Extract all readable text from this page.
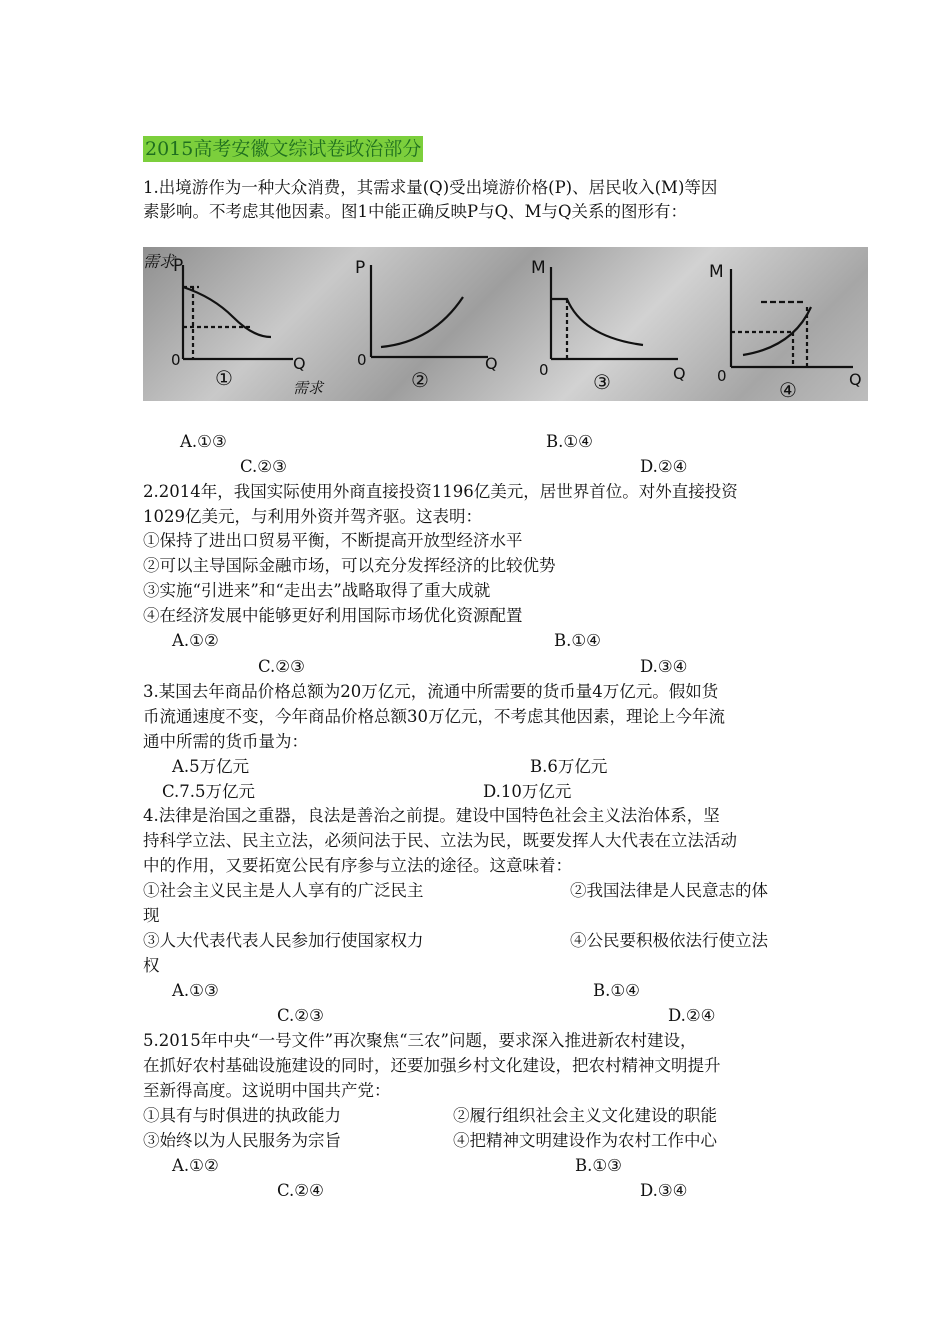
2015高考安徽文综试卷政治部分
1.出境游作为一种大众消费，其需求量(Q)受出境游价格(P)、居民收入(M)等因
素影响。不考虑其他因素。图1中能正确反映P与Q、M与Q关系的图形有：
需求
P
Q
0
①	需求
P
Q
0
②
M
Q
0 ③
M
Q
0
④
A.①③	B.①④
C.②③	D.②④
2.2014年，我国实际使用外商直接投资1196亿美元，居世界首位。对外直接投资
1029亿美元，与利用外资并驾齐驱。这表明：
①保持了进出口贸易平衡，不断提高开放型经济水平
②可以主导国际金融市场，可以充分发挥经济的比较优势
③实施“引进来”和“走出去”战略取得了重大成就
④在经济发展中能够更好利用国际市场优化资源配置
A.①②	B.①④
C.②③	D.③④
3.某国去年商品价格总额为20万亿元，流通中所需要的货币量4万亿元。假如货
币流通速度不变，今年商品价格总额30万亿元，不考虑其他因素，理论上今年流
通中所需的货币量为：
A.5万亿元	B.6万亿元
C.7.5万亿元	D.10万亿元
4.法律是治国之重器，良法是善治之前提。建设中国特色社会主义法治体系，坚
持科学立法、民主立法，必须问法于民、立法为民，既要发挥人大代表在立法活动
中的作用，又要拓宽公民有序参与立法的途径。这意味着：
①社会主义民主是人人享有的广泛民主	②我国法律是人民意志的体
现
③人大代表代表人民参加行使国家权力	④公民要积极依法行使立法
权
A.①③	B.①④
C.②③	D.②④
5.2015年中央“一号文件”再次聚焦“三农”问题，要求深入推进新农村建设，
在抓好农村基础设施建设的同时，还要加强乡村文化建设，把农村精神文明提升
至新得高度。这说明中国共产党：
①具有与时俱进的执政能力	②履行组织社会主义文化建设的职能
③始终以为人民服务为宗旨	④把精神文明建设作为农村工作中心
A.①②	B.①③
C.②④	D.③④
